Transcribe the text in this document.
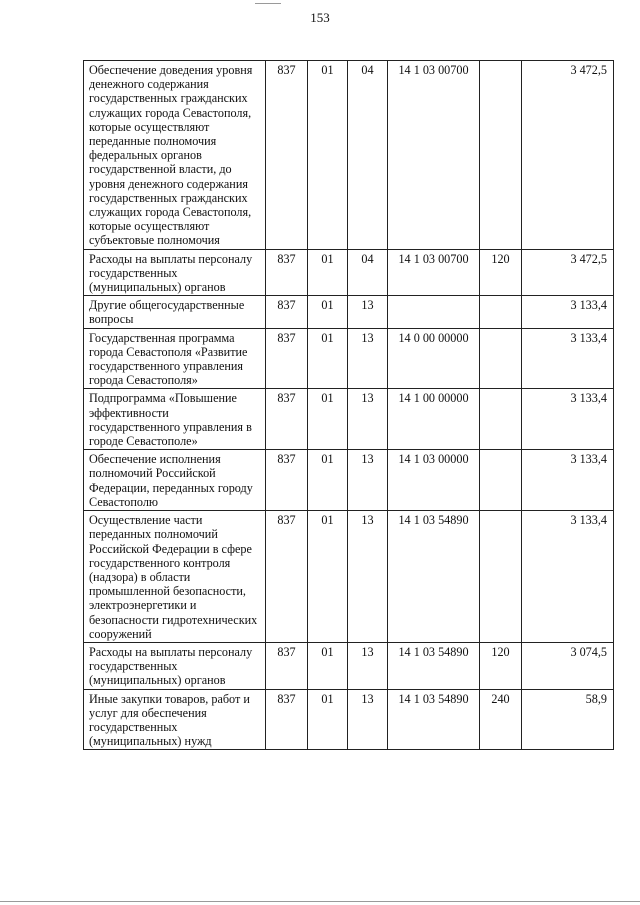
153
Обеспечение доведения уровня денежного содержания государственных гражданских служащих города Севастополя, которые осуществляют переданные полномочия федеральных органов государственной власти, до уровня денежного содержания государственных гражданских служащих города Севастополя, которые осуществляют субъектовые полномочия	837	01	04	14 1 03 00700		3 472,5
Расходы на выплаты персоналу государственных (муниципальных) органов	837	01	04	14 1 03 00700	120	3 472,5
Другие общегосударственные вопросы	837	01	13			3 133,4
Государственная программа города Севастополя «Развитие государственного управления города Севастополя»	837	01	13	14 0 00 00000		3 133,4
Подпрограмма «Повышение эффективности государственного управления в городе Севастополе»	837	01	13	14 1 00 00000		3 133,4
Обеспечение исполнения полномочий Российской Федерации, переданных городу Севастополю	837	01	13	14 1 03 00000		3 133,4
Осуществление части переданных полномочий Российской Федерации в сфере государственного контроля (надзора) в области промышленной безопасности, электроэнергетики и безопасности гидротехнических сооружений	837	01	13	14 1 03 54890		3 133,4
Расходы на выплаты персоналу государственных (муниципальных) органов	837	01	13	14 1 03 54890	120	3 074,5
Иные закупки товаров, работ и услуг для обеспечения государственных (муниципальных) нужд	837	01	13	14 1 03 54890	240	58,9
